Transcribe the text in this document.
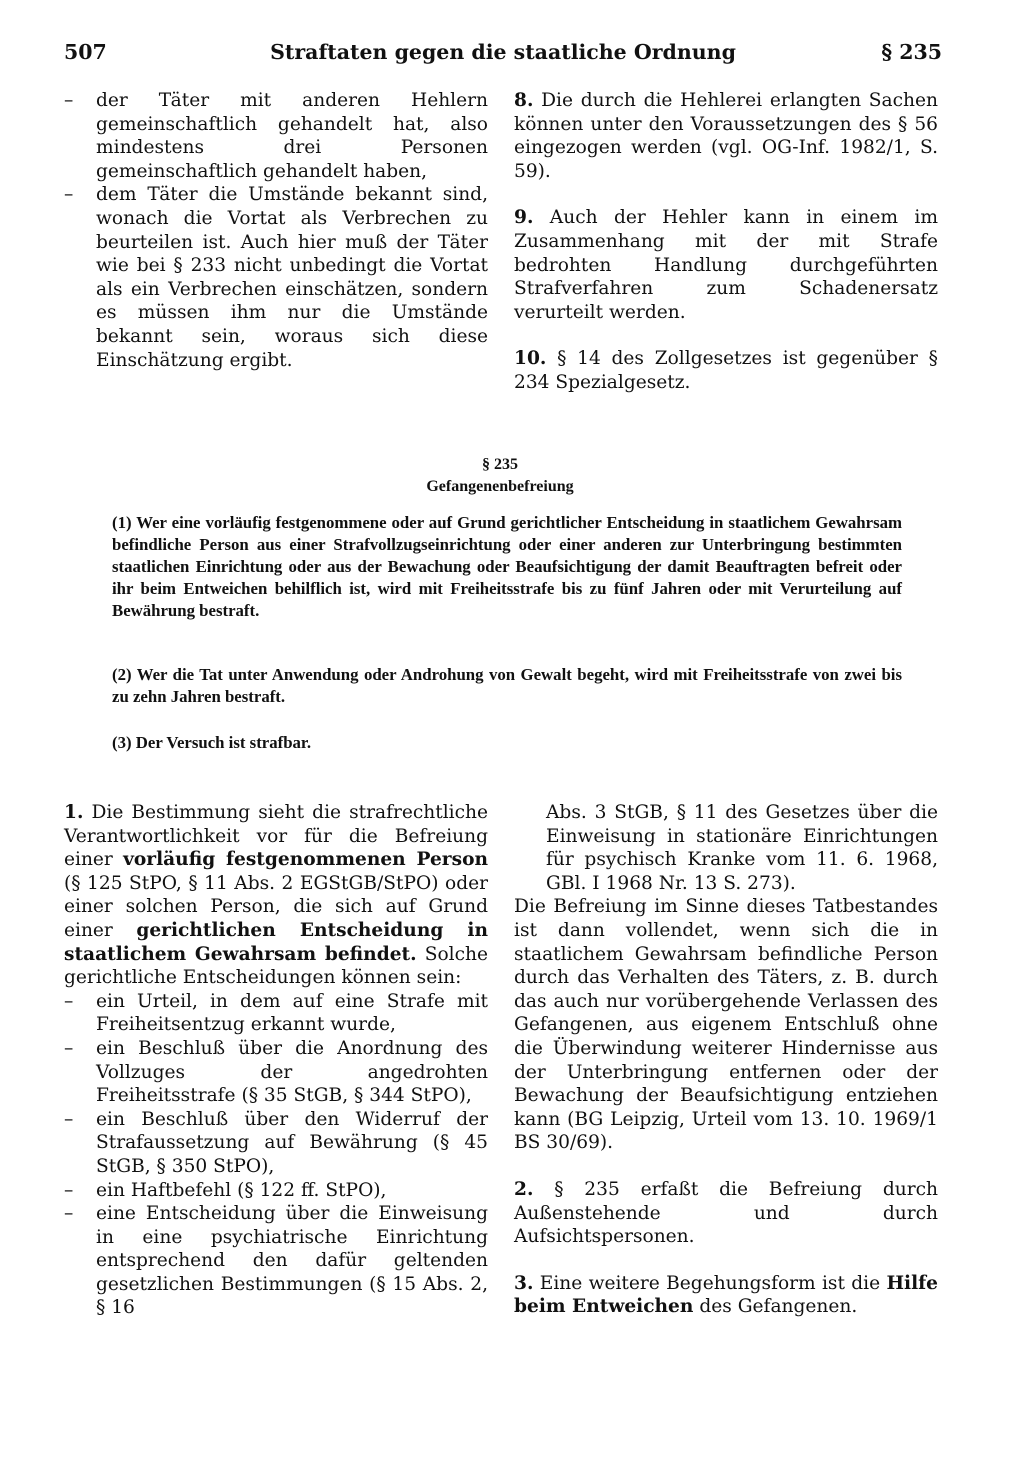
507	Straftaten gegen die staatliche Ordnung	§ 235
–	der Täter mit anderen Hehlern gemeinschaftlich gehandelt hat, also mindestens drei Personen gemeinschaftlich gehandelt haben,
–	dem Täter die Umstände bekannt sind, wonach die Vortat als Verbrechen zu beurteilen ist. Auch hier muß der Täter wie bei § 233 nicht unbedingt die Vortat als ein Verbrechen einschätzen, sondern es müssen ihm nur die Umstände bekannt sein, woraus sich diese Einschätzung ergibt.

8. Die durch die Hehlerei erlangten Sachen können unter den Voraussetzungen des § 56 eingezogen werden (vgl. OG-Inf. 1982/1, S. 59).

9. Auch der Hehler kann in einem im Zusammenhang mit der mit Strafe bedrohten Handlung durchgeführten Strafverfahren zum Schadenersatz verurteilt werden.

10. § 14 des Zollgesetzes ist gegenüber § 234 Spezialgesetz.

§ 235
Gefangenenbefreiung
(1) Wer eine vorläufig festgenommene oder auf Grund gerichtlicher Entscheidung in staatlichem Gewahrsam befindliche Person aus einer Strafvollzugseinrichtung oder einer anderen zur Unterbringung bestimmten staatlichen Einrichtung oder aus der Bewachung oder Beaufsichtigung der damit Beauftragten befreit oder ihr beim Entweichen behilflich ist, wird mit Freiheitsstrafe bis zu fünf Jahren oder mit Verurteilung auf Bewährung bestraft.
(2) Wer die Tat unter Anwendung oder Androhung von Gewalt begeht, wird mit Freiheitsstrafe von zwei bis zu zehn Jahren bestraft.
(3) Der Versuch ist strafbar.

1. Die Bestimmung sieht die strafrechtliche Verantwortlichkeit vor für die Befreiung einer vorläufig festgenommenen Person (§ 125 StPO, § 11 Abs. 2 EGStGB/StPO) oder einer solchen Person, die sich auf Grund einer gerichtlichen Entscheidung in staatlichem Gewahrsam befindet. Solche gerichtliche Entscheidungen können sein:

–	ein Urteil, in dem auf eine Strafe mit Freiheitsentzug erkannt wurde,
–	ein Beschluß über die Anordnung des Vollzuges der angedrohten Freiheitsstrafe (§ 35 StGB, § 344 StPO),
–	ein Beschluß über den Widerruf der Strafaussetzung auf Bewährung (§ 45 StGB, § 350 StPO),
–	ein Haftbefehl (§ 122 ff. StPO),
–	eine Entscheidung über die Einweisung in eine psychiatrische Einrichtung entsprechend den dafür geltenden gesetzlichen Bestimmungen (§ 15 Abs. 2, § 16

Abs. 3 StGB, § 11 des Gesetzes über die Einweisung in stationäre Einrichtungen für psychisch Kranke vom 11. 6. 1968, GBl. I 1968 Nr. 13 S. 273).

Die Befreiung im Sinne dieses Tatbestandes ist dann vollendet, wenn sich die in staatlichem Gewahrsam befindliche Person durch das Verhalten des Täters, z. B. durch das auch nur vorübergehende Verlassen des Gefangenen, aus eigenem Entschluß ohne die Überwindung weiterer Hindernisse aus der Unterbringung entfernen oder der Bewachung der Beaufsichtigung entziehen kann (BG Leipzig, Urteil vom 13. 10. 1969/1 BS 30/69).

2. § 235 erfaßt die Befreiung durch Außenstehende und durch Aufsichtspersonen.

3. Eine weitere Begehungsform ist die Hilfe beim Entweichen des Gefangenen.
